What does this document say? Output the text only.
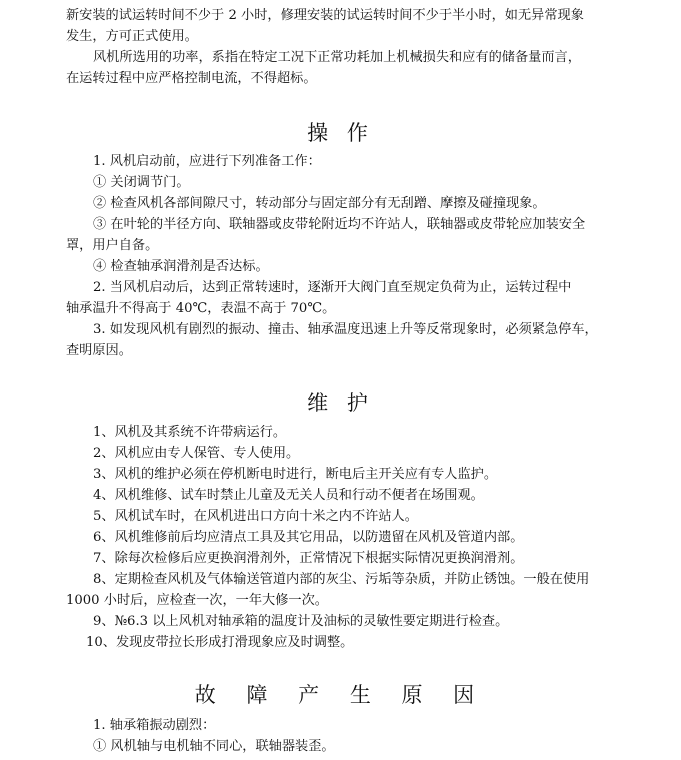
新安装的试运转时间不少于 2 小时，修理安装的试运转时间不少于半小时，如无异常现象
发生，方可正式使用。
风机所选用的功率，系指在特定工况下正常功耗加上机械损失和应有的储备量而言，
在运转过程中应严格控制电流，不得超标。
操 作
1. 风机启动前，应进行下列准备工作：
① 关闭调节门。
② 检查风机各部间隙尺寸，转动部分与固定部分有无刮蹭、摩擦及碰撞现象。
③ 在叶轮的半径方向、联轴器或皮带轮附近均不许站人，联轴器或皮带轮应加装安全
罩，用户自备。
④ 检查轴承润滑剂是否达标。
2. 当风机启动后，达到正常转速时，逐渐开大阀门直至规定负荷为止，运转过程中
轴承温升不得高于 40℃，表温不高于 70℃。
3. 如发现风机有剧烈的振动、撞击、轴承温度迅速上升等反常现象时，必须紧急停车，
查明原因。
维 护
1、风机及其系统不许带病运行。
2、风机应由专人保管、专人使用。
3、风机的维护必须在停机断电时进行，断电后主开关应有专人监护。
4、风机维修、试车时禁止儿童及无关人员和行动不便者在场围观。
5、风机试车时，在风机进出口方向十米之内不许站人。
6、风机维修前后均应清点工具及其它用品，以防遗留在风机及管道内部。
7、除每次检修后应更换润滑剂外，正常情况下根据实际情况更换润滑剂。
8、定期检查风机及气体输送管道内部的灰尘、污垢等杂质，并防止锈蚀。一般在使用
1000 小时后，应检查一次，一年大修一次。
9、№6.3 以上风机对轴承箱的温度计及油标的灵敏性要定期进行检查。
10、发现皮带拉长形成打滑现象应及时调整。
故 障 产 生 原 因
1. 轴承箱振动剧烈：
① 风机轴与电机轴不同心，联轴器装歪。
